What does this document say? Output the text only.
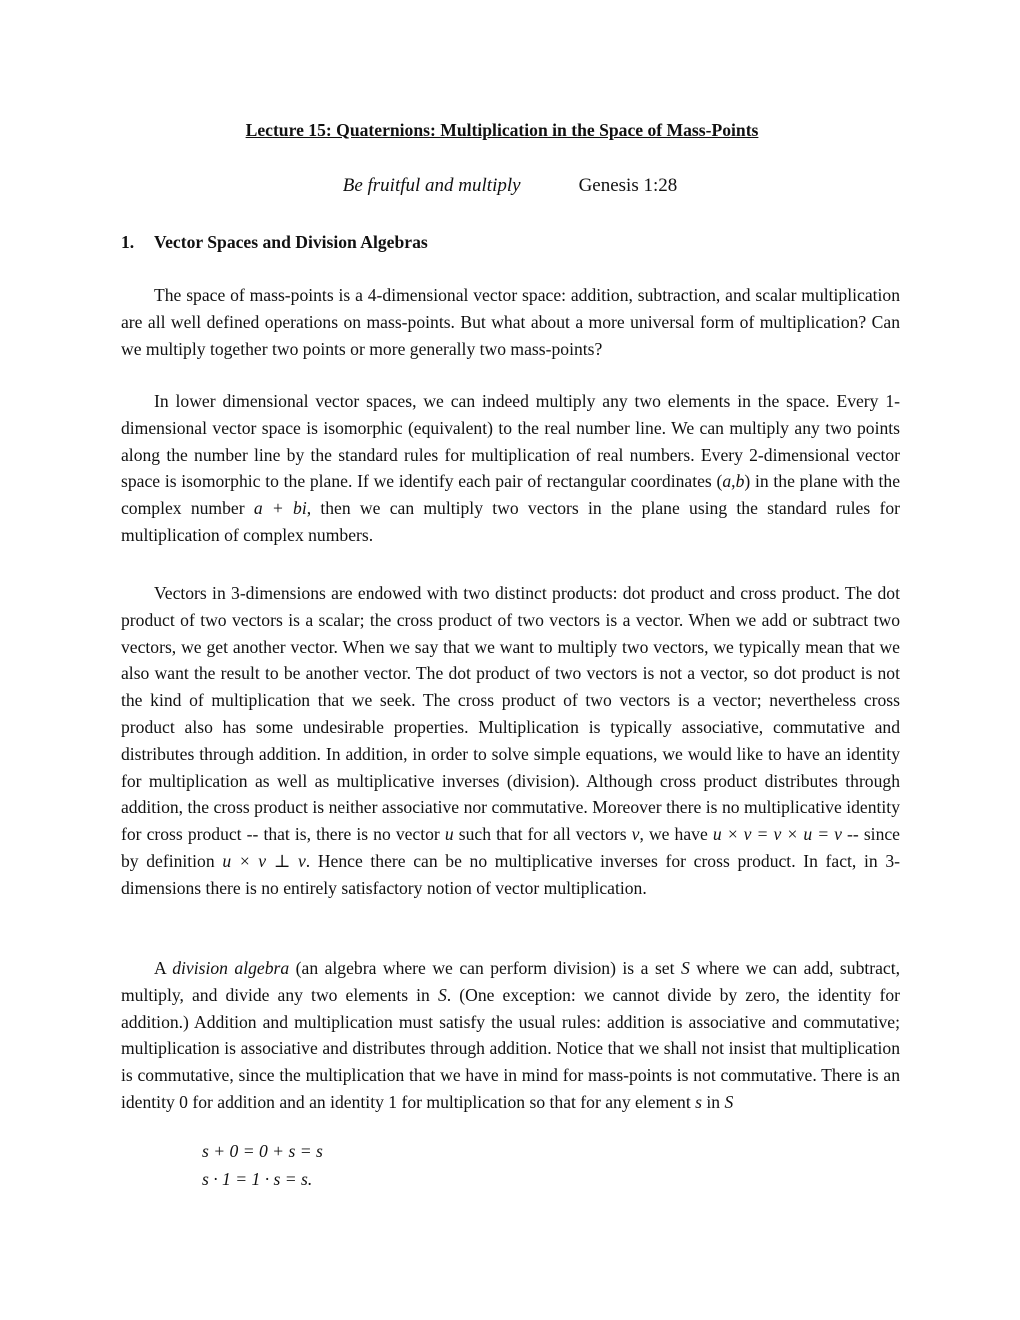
Lecture 15: Quaternions: Multiplication in the Space of Mass-Points
Be fruitful and multiply	Genesis 1:28
1. Vector Spaces and Division Algebras
The space of mass-points is a 4-dimensional vector space: addition, subtraction, and scalar multiplication are all well defined operations on mass-points. But what about a more universal form of multiplication? Can we multiply together two points or more generally two mass-points?
In lower dimensional vector spaces, we can indeed multiply any two elements in the space. Every 1-dimensional vector space is isomorphic (equivalent) to the real number line. We can multiply any two points along the number line by the standard rules for multiplication of real numbers. Every 2-dimensional vector space is isomorphic to the plane. If we identify each pair of rectangular coordinates (a,b) in the plane with the complex number a + bi, then we can multiply two vectors in the plane using the standard rules for multiplication of complex numbers.
Vectors in 3-dimensions are endowed with two distinct products: dot product and cross product. The dot product of two vectors is a scalar; the cross product of two vectors is a vector. When we add or subtract two vectors, we get another vector. When we say that we want to multiply two vectors, we typically mean that we also want the result to be another vector. The dot product of two vectors is not a vector, so dot product is not the kind of multiplication that we seek. The cross product of two vectors is a vector; nevertheless cross product also has some undesirable properties. Multiplication is typically associative, commutative and distributes through addition. In addition, in order to solve simple equations, we would like to have an identity for multiplication as well as multiplicative inverses (division). Although cross product distributes through addition, the cross product is neither associative nor commutative. Moreover there is no multiplicative identity for cross product -- that is, there is no vector u such that for all vectors v, we have u × v = v × u = v -- since by definition u × v ⊥ v. Hence there can be no multiplicative inverses for cross product. In fact, in 3-dimensions there is no entirely satisfactory notion of vector multiplication.
A division algebra (an algebra where we can perform division) is a set S where we can add, subtract, multiply, and divide any two elements in S. (One exception: we cannot divide by zero, the identity for addition.) Addition and multiplication must satisfy the usual rules: addition is associative and commutative; multiplication is associative and distributes through addition. Notice that we shall not insist that multiplication is commutative, since the multiplication that we have in mind for mass-points is not commutative. There is an identity 0 for addition and an identity 1 for multiplication so that for any element s in S
s + 0 = 0 + s = s
s · 1 = 1 · s = s.
